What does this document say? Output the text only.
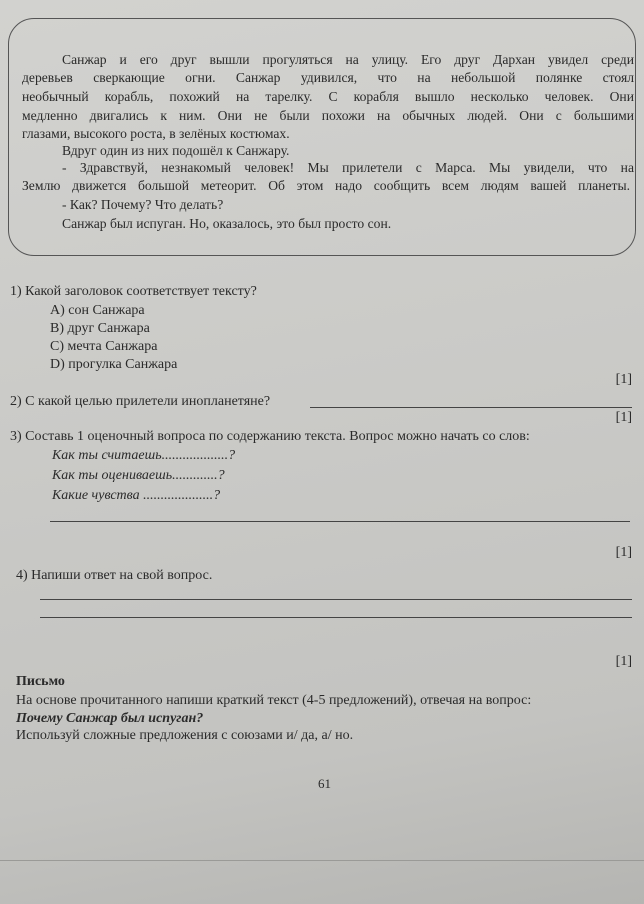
Санжар и его друг вышли прогуляться на улицу. Его друг Дархан увидел среди
деревьев сверкающие огни. Санжар удивился, что на небольшой полянке стоял
необычный корабль, похожий на тарелку. С корабля вышло несколько человек. Они
медленно двигались к ним. Они не были похожи на обычных людей. Они с большими
глазами, высокого роста, в зелёных костюмах.
Вдруг один из них подошёл к Санжару.
- Здравствуй, незнакомый человек! Мы прилетели с Марса. Мы увидели, что на
Землю движется большой метеорит. Об этом надо сообщить всем людям вашей планеты.
- Как? Почему? Что делать?
Санжар был испуган. Но, оказалось, это был просто сон.
1) Какой заголовок соответствует тексту?
A) сон Санжара
B) друг Санжара
C) мечта Санжара
D) прогулка Санжара
[1]
2) С какой целью прилетели инопланетяне?
[1]
3) Составь 1 оценочный вопроса по содержанию текста. Вопрос можно начать со слов:
Как ты считаешь...................?
Как ты оцениваешь.............?
Какие чувства ....................?
[1]
4) Напиши ответ на свой вопрос.
[1]
Письмо
На основе прочитанного напиши краткий текст (4-5 предложений), отвечая на вопрос:
Почему Санжар был испуган?
Используй сложные предложения с союзами и/ да, а/ но.
61
